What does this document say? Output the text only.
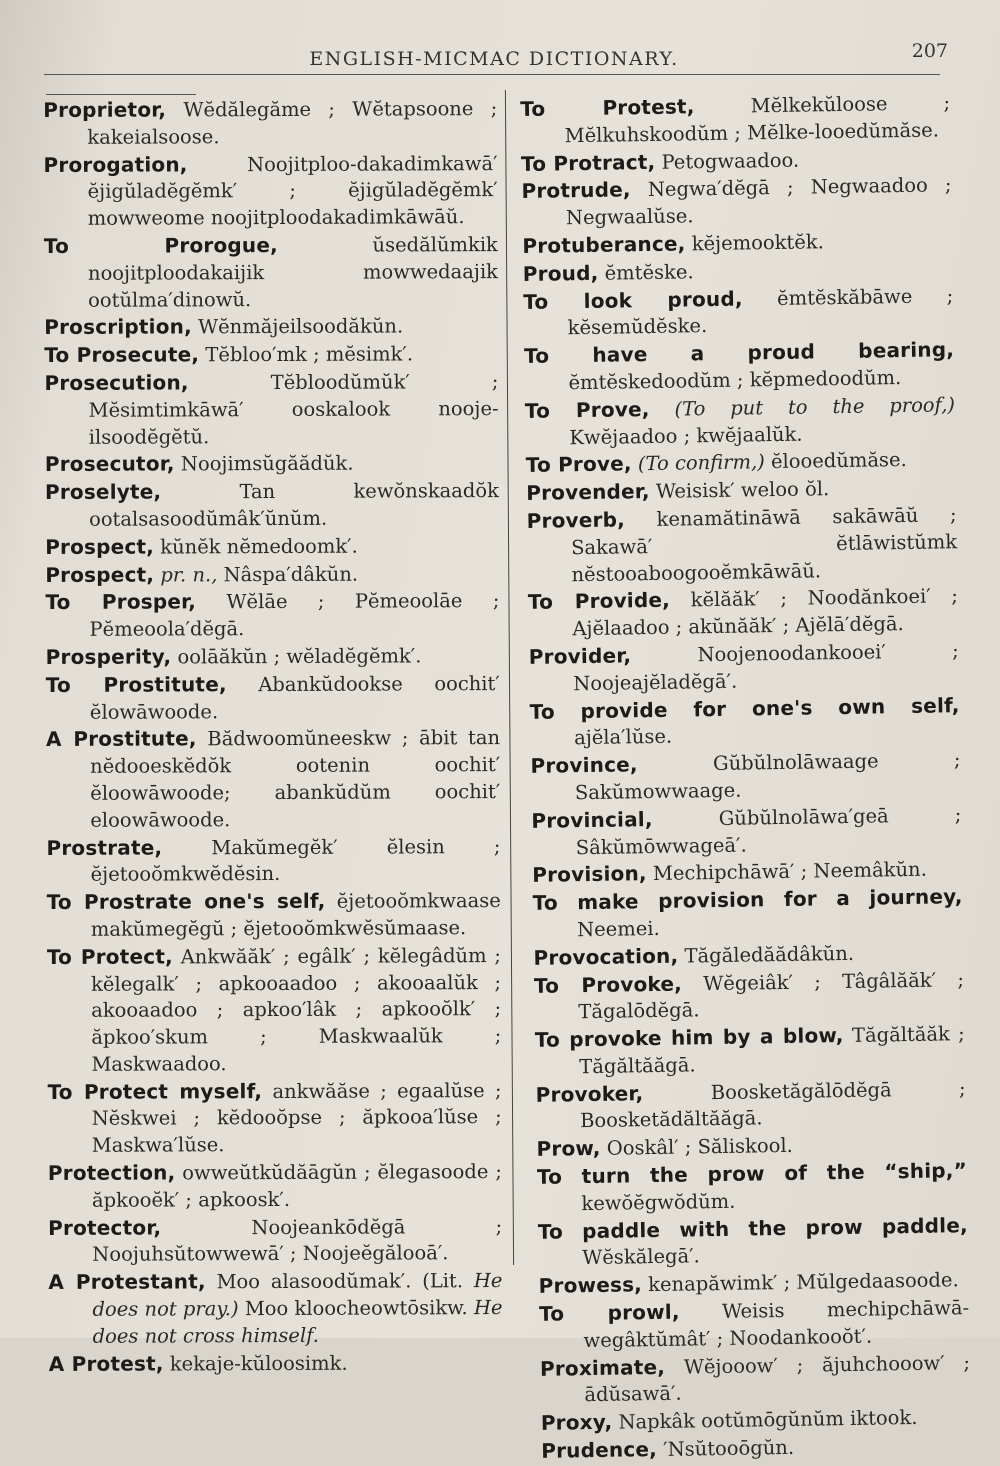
ENGLISH-MICMAC DICTIONARY.	207

Proprietor, Wĕdălegăme ; Wĕtapsoone ; kakeialsoose.

Prorogation, Noojitploo-dakadimkawā′ ĕjigŭladĕgĕmk′ ; ĕjigŭladĕgĕmk′ mowweome noojitploodakadimkāwāŭ.

To Prorogue, ŭsedălŭmkik noojitploodakaijik mowwedaajik ootŭlma′dinowŭ.

Proscription, Wĕnmăjeilsoodăkŭn.

To Prosecute, Tĕbloo′mk ; mĕsimk′.

Prosecution, Tĕbloodŭmŭk′ ; Mĕsimtimkāwā′ ooskalook nooje-ilsoodĕgĕtŭ.

Prosecutor, Noojimsŭgăădŭk.

Proselyte, Tan kewŏnskaadŏk ootalsasoodŭmâk′ŭnŭm.

Prospect, kŭnĕk nĕmedoomk′.

Prospect, pr. n., Nâspa′dâkŭn.

To Prosper, Wĕlāe ; Pĕmeoolāe ; Pĕmeoola′dĕgā.

Prosperity, oolāăkŭn ; wĕladĕgĕmk′.

To Prostitute, Abankŭdookse oochit′ ĕlowāwoode.

A Prostitute, Bădwoomŭneeskw ; ābit tan nĕdooeskĕdŏk ootenin oochit′ ĕloowāwoode; abankŭdŭm oochit′ eloowāwoode.

Prostrate, Makŭmegĕk′ ĕlesin ; ĕjetooŏmkwĕdĕsin.

To Prostrate one's self, ĕjetooŏmkwaase makŭmegĕgŭ ; ĕjetooŏmkwĕsŭmaase.

To Protect, Ankwăăk′ ; egâlk′ ; kĕlegâdŭm ; kĕlegalk′ ; apkooaadoo ; akooaalŭk ; akooaadoo ; apkoo′lâk ; apkooŏlk′ ; ăpkoo′skum ; Maskwaalŭk ; Maskwaadoo.

To Protect myself, ankwăăse ; egaalŭse ; Nĕskwei ; kĕdooŏpse ; ăpkooa′lŭse ; Maskwa′lŭse.

Protection, owweŭtkŭdăāgŭn ; ĕlegasoode ; ăpkooĕk′ ; apkoosk′.

Protector, Noojeankōdĕgā ; Noojuhsŭtowwewā′ ; Noojeĕgălooā′.

A Protestant, Moo alasoodŭmak′. (Lit. He does not pray.) Moo kloocheowtōsikw. He does not cross himself.

A Protest, kekaje-kŭloosimk.

To Protest, Mĕlkekŭloose ; Mĕlkuhskoodŭm ; Mĕlke-looedŭmăse.

To Protract, Petogwaadoo.

Protrude, Negwa′dĕgā ; Negwaadoo ; Negwaalŭse.

Protuberance, kĕjemooktĕk.

Proud, ĕmtĕske.

To look proud, ĕmtĕskăbāwe ; kĕsemŭdĕske.

To have a proud bearing, ĕmtĕskedoodŭm ; kĕpmedoodŭm.

To Prove, (To put to the proof,) Kwĕjaadoo ; kwĕjaalŭk.

To Prove, (To confirm,) ĕlooedŭmăse.

Provender, Weisisk′ weloo ŏl.

Proverb, kenamătināwā sakāwāŭ ; Sakawā′ ĕtlāwistŭmk nĕstooaboogooĕmkāwāŭ.

To Provide, kĕlăăk′ ; Noodănkoei′ ; Ajĕlaadoo ; akŭnăăk′ ; Ajĕlā′dĕgā.

Provider, Noojenoodankooei′ ; Noojeajĕladĕgā′.

To provide for one's own self, ajĕla′lŭse.

Province, Gŭbŭlnolāwaage ; Sakŭmowwaage.

Provincial, Gŭbŭlnolāwa′geā ; Sâkŭmōwwageā′.

Provision, Mechipchāwā′ ; Neemâkŭn.

To make provision for a journey, Neemei.

Provocation, Tăgăledăădâkŭn.

To Provoke, Wĕgeiâk′ ; Tâgâlăăk′ ; Tăgalōdĕgā.

To provoke him by a blow, Tăgăltăăk ; Tăgăltăăgā.

Provoker, Boosketăgălōdĕgā ; Boosketădăltăăgā.

Prow, Ooskâl′ ; Săliskool.

To turn the prow of the “ship,” kewŏĕgwŏdŭm.

To paddle with the prow paddle, Wĕskălegā′.

Prowess, kenapăwimk′ ; Mŭlgedaasoode.

To prowl, Weisis mechipchāwā-wegâktŭmât′ ; Noodankooŏt′.

Proximate, Wĕjooow′ ; ăjuhchooow′ ; ādŭsawā′.

Proxy, Napkâk ootŭmōgŭnŭm iktook.

Prudence, ′Nsŭtooōgŭn.
